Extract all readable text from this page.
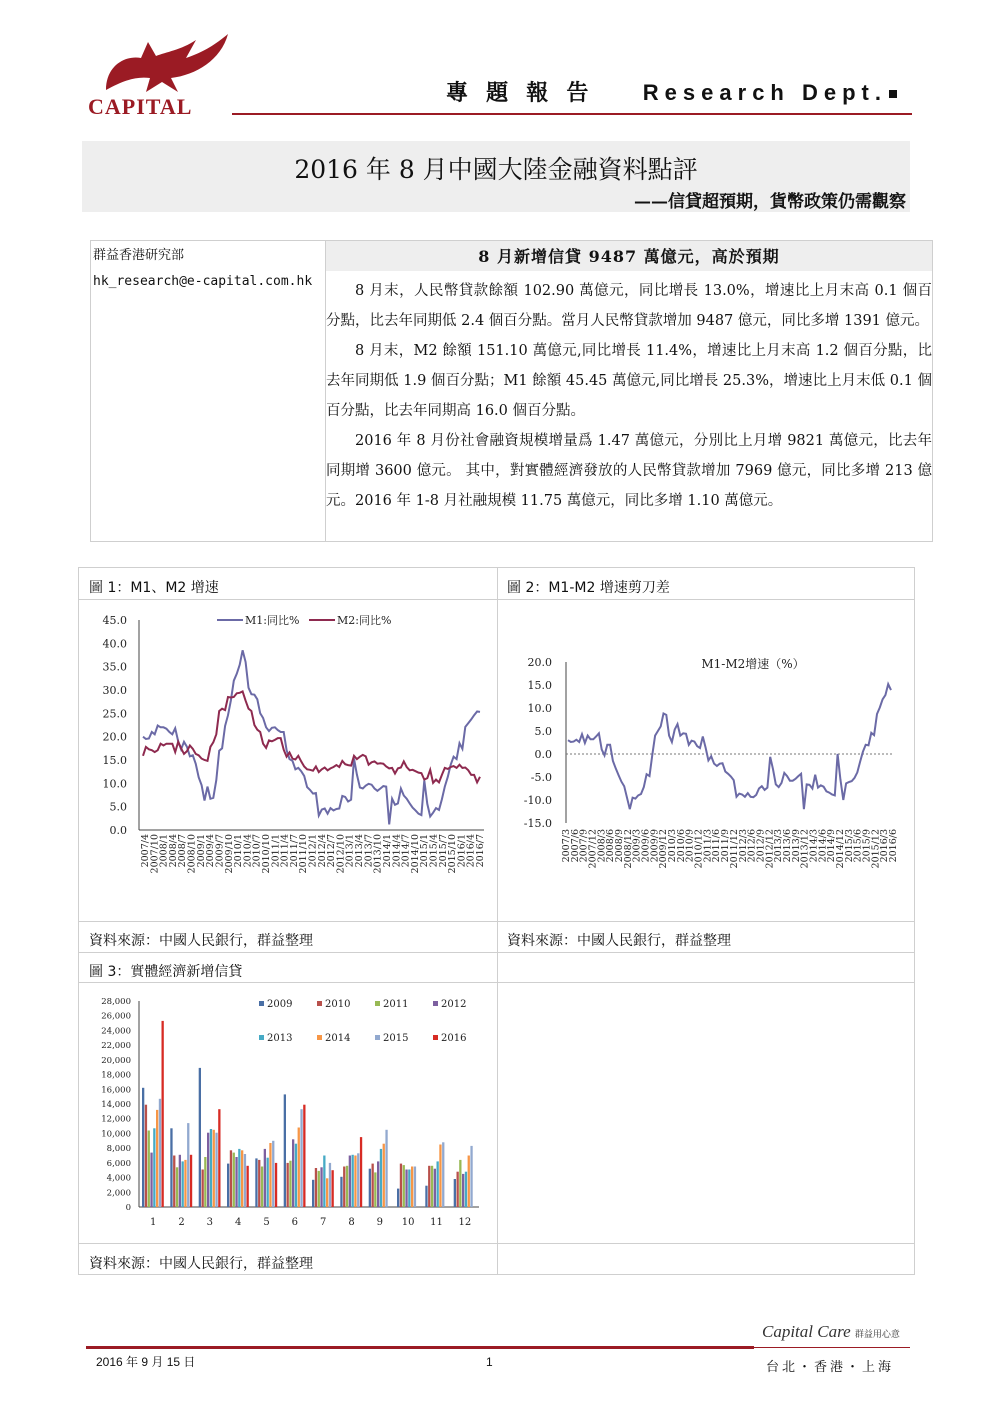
CAPITAL
專 題 報 告 Research Dept.
2016 年 8 月中國大陸金融資料點評
——信貸超預期，貨幣政策仍需觀察
群益香港研究部
hk_research@e-capital.com.hk
8 月新增信貸 9487 萬億元，高於預期

8 月末，人民幣貸款餘額 102.90 萬億元，同比增長 13.0%，增速比上月末高 0.1 個百分點，比去年同期低 2.4 個百分點。當月人民幣貸款增加 9487 億元，同比多增 1391 億元。

8 月末，M2 餘額 151.10 萬億元,同比增長 11.4%，增速比上月末高 1.2 個百分點，比去年同期低 1.9 個百分點；M1 餘額 45.45 萬億元,同比增長 25.3%，增速比上月末低 0.1 個百分點，比去年同期高 16.0 個百分點。

2016 年 8 月份社會融資規模增量爲 1.47 萬億元，分別比上月增 9821 萬億元，比去年同期增 3600 億元。 其中，對實體經濟發放的人民幣貸款增加 7969 億元，同比多增 213 億元。2016 年 1-8 月社融規模 11.75 萬億元，同比多增 1.10 萬億元。

圖 1：M1、M2 增速	圖 2：M1-M2 增速剪刀差
資料來源：中國人民銀行，群益整理	資料來源：中國人民銀行，群益整理
圖 3：實體經濟新增信貸
資料來源：中國人民銀行，群益整理
45.0
40.0
35.0
30.0
25.0
20.0
15.0
10.0
5.0
0.0
2007/4
2007/10
2008/1
2008/4
2008/7
2008/10
2009/1
2009/4
2009/7
2009/10
2010/1
2010/4
2010/7
2010/10
2011/1
2011/4
2011/7
2011/10
2012/1
2012/4
2012/7
2012/10
2013/1
2013/4
2013/7
2013/10
2014/1
2014/4
2014/7
2014/10
2015/1
2015/4
2015/7
2015/10
2016/1
2016/4
2016/7
M1:同比%	M2:同比%
20.0
15.0
10.0
5.0
0.0
-5.0
-10.0
-15.0
M1-M2增速（%）
2007/3
2007/6
2007/9
2007/12
2008/3
2008/6
2008/9
2008/12
2009/3
2009/6
2009/9
2009/12
2010/3
2010/6
2010/9
2010/12
2011/3
2011/6
2011/9
2011/12
2012/3
2012/6
2012/9
2012/12
2013/3
2013/6
2013/9
2013/12
2014/3
2014/6
2014/9
2014/12
2015/3
2015/6
2015/9
2015/12
2016/3
2016/6
28,000
26,000
24,000
22,000
20,000
18,000
16,000
14,000
12,000
10,000
8,000
6,000
4,000
2,000
0
1 2 3 4 5 6 7 8 9 10 11 12
2009	2010	2011	2012
2013	2014	2015	2016
Capital Care 群益用心意
2016 年 9 月 15 日	1	台北・香港・上海
